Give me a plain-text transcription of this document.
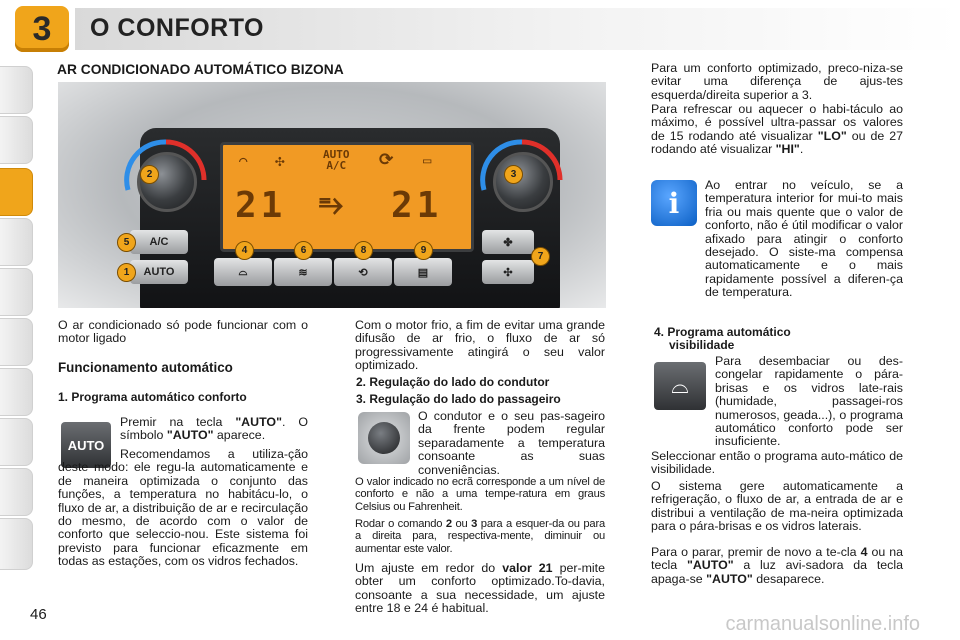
3 O CONFORTO
AR CONDICIONADO AUTOMÁTICO BIZONA
⌒ ✣	AUTO
A/C ⟳ ▭
21 ⥱ 21
A/C
AUTO	⌓	≋	⟲	▤
✤
✣
1
2	3
4
5
6
7
8	9
O ar condicionado só pode funcionar com o motor ligado
Funcionamento automático
1. Programa automático conforto
AUTO
Premir na tecla "AUTO". O símbolo "AUTO" aparece.
Recomendamos a utiliza-ção deste modo: ele regu-la automaticamente e de maneira optimizada o conjunto das funções, a temperatura no habitácu-lo, o fluxo de ar, a distribuição de ar e recirculação do mesmo, de acordo com o valor de conforto que seleccio-nou. Este sistema foi previsto para funcionar eficazmente em todas as estações, com os vidros fechados.
Com o motor frio, a fim de evitar uma grande difusão de ar frio, o fluxo de ar só progressivamente atingirá o seu valor optimizado.
2. Regulação do lado do condutor
3. Regulação do lado do passageiro
O condutor e o seu pas-sageiro da frente podem regular separadamente a temperatura consoante as suas conveniências.
O valor indicado no ecrã corresponde a um nível de conforto e não a uma tempe-ratura em graus Celsius ou Fahrenheit.
Rodar o comando 2 ou 3 para a esquer-da ou para a direita para, respectiva-mente, diminuir ou aumentar este valor.
Um ajuste em redor do valor 21 per-mite obter um conforto optimizado.To-davia, consoante a sua necessidade, um ajuste entre 18 e 24 é habitual.
Para um conforto optimizado, preco-niza-se evitar uma diferença de ajus-tes esquerda/direita superior a 3.
Para refrescar ou aquecer o habi-táculo ao máximo, é possível ultra-passar os valores de 15 rodando até visualizar "LO" ou de 27 rodando até visualizar "HI".
i
Ao entrar no veículo, se a temperatura interior for mui-to mais fria ou mais quente que o valor de conforto, não é útil modificar o valor afixado para atingir o conforto desejado. O siste-ma compensa automaticamente e o mais rapidamente possível a diferen-ça de temperatura.
4. Programa automático
visibilidade
⌓
Para desembaciar ou des-congelar rapidamente o pára-brisas e os vidros late-rais (humidade, passagei-ros numerosos, geada...), o programa automático conforto pode ser insuficiente.
Seleccionar então o programa auto-mático de visibilidade.
O sistema gere automaticamente a refrigeração, o fluxo de ar, a entrada de ar e distribui a ventilação de ma-neira optimizada para o pára-brisas e os vidros laterais.
Para o parar, premir de novo a te-cla 4 ou na tecla "AUTO" a luz avi-sadora da tecla apaga-se "AUTO" desaparece.
46	carmanualsonline.info
